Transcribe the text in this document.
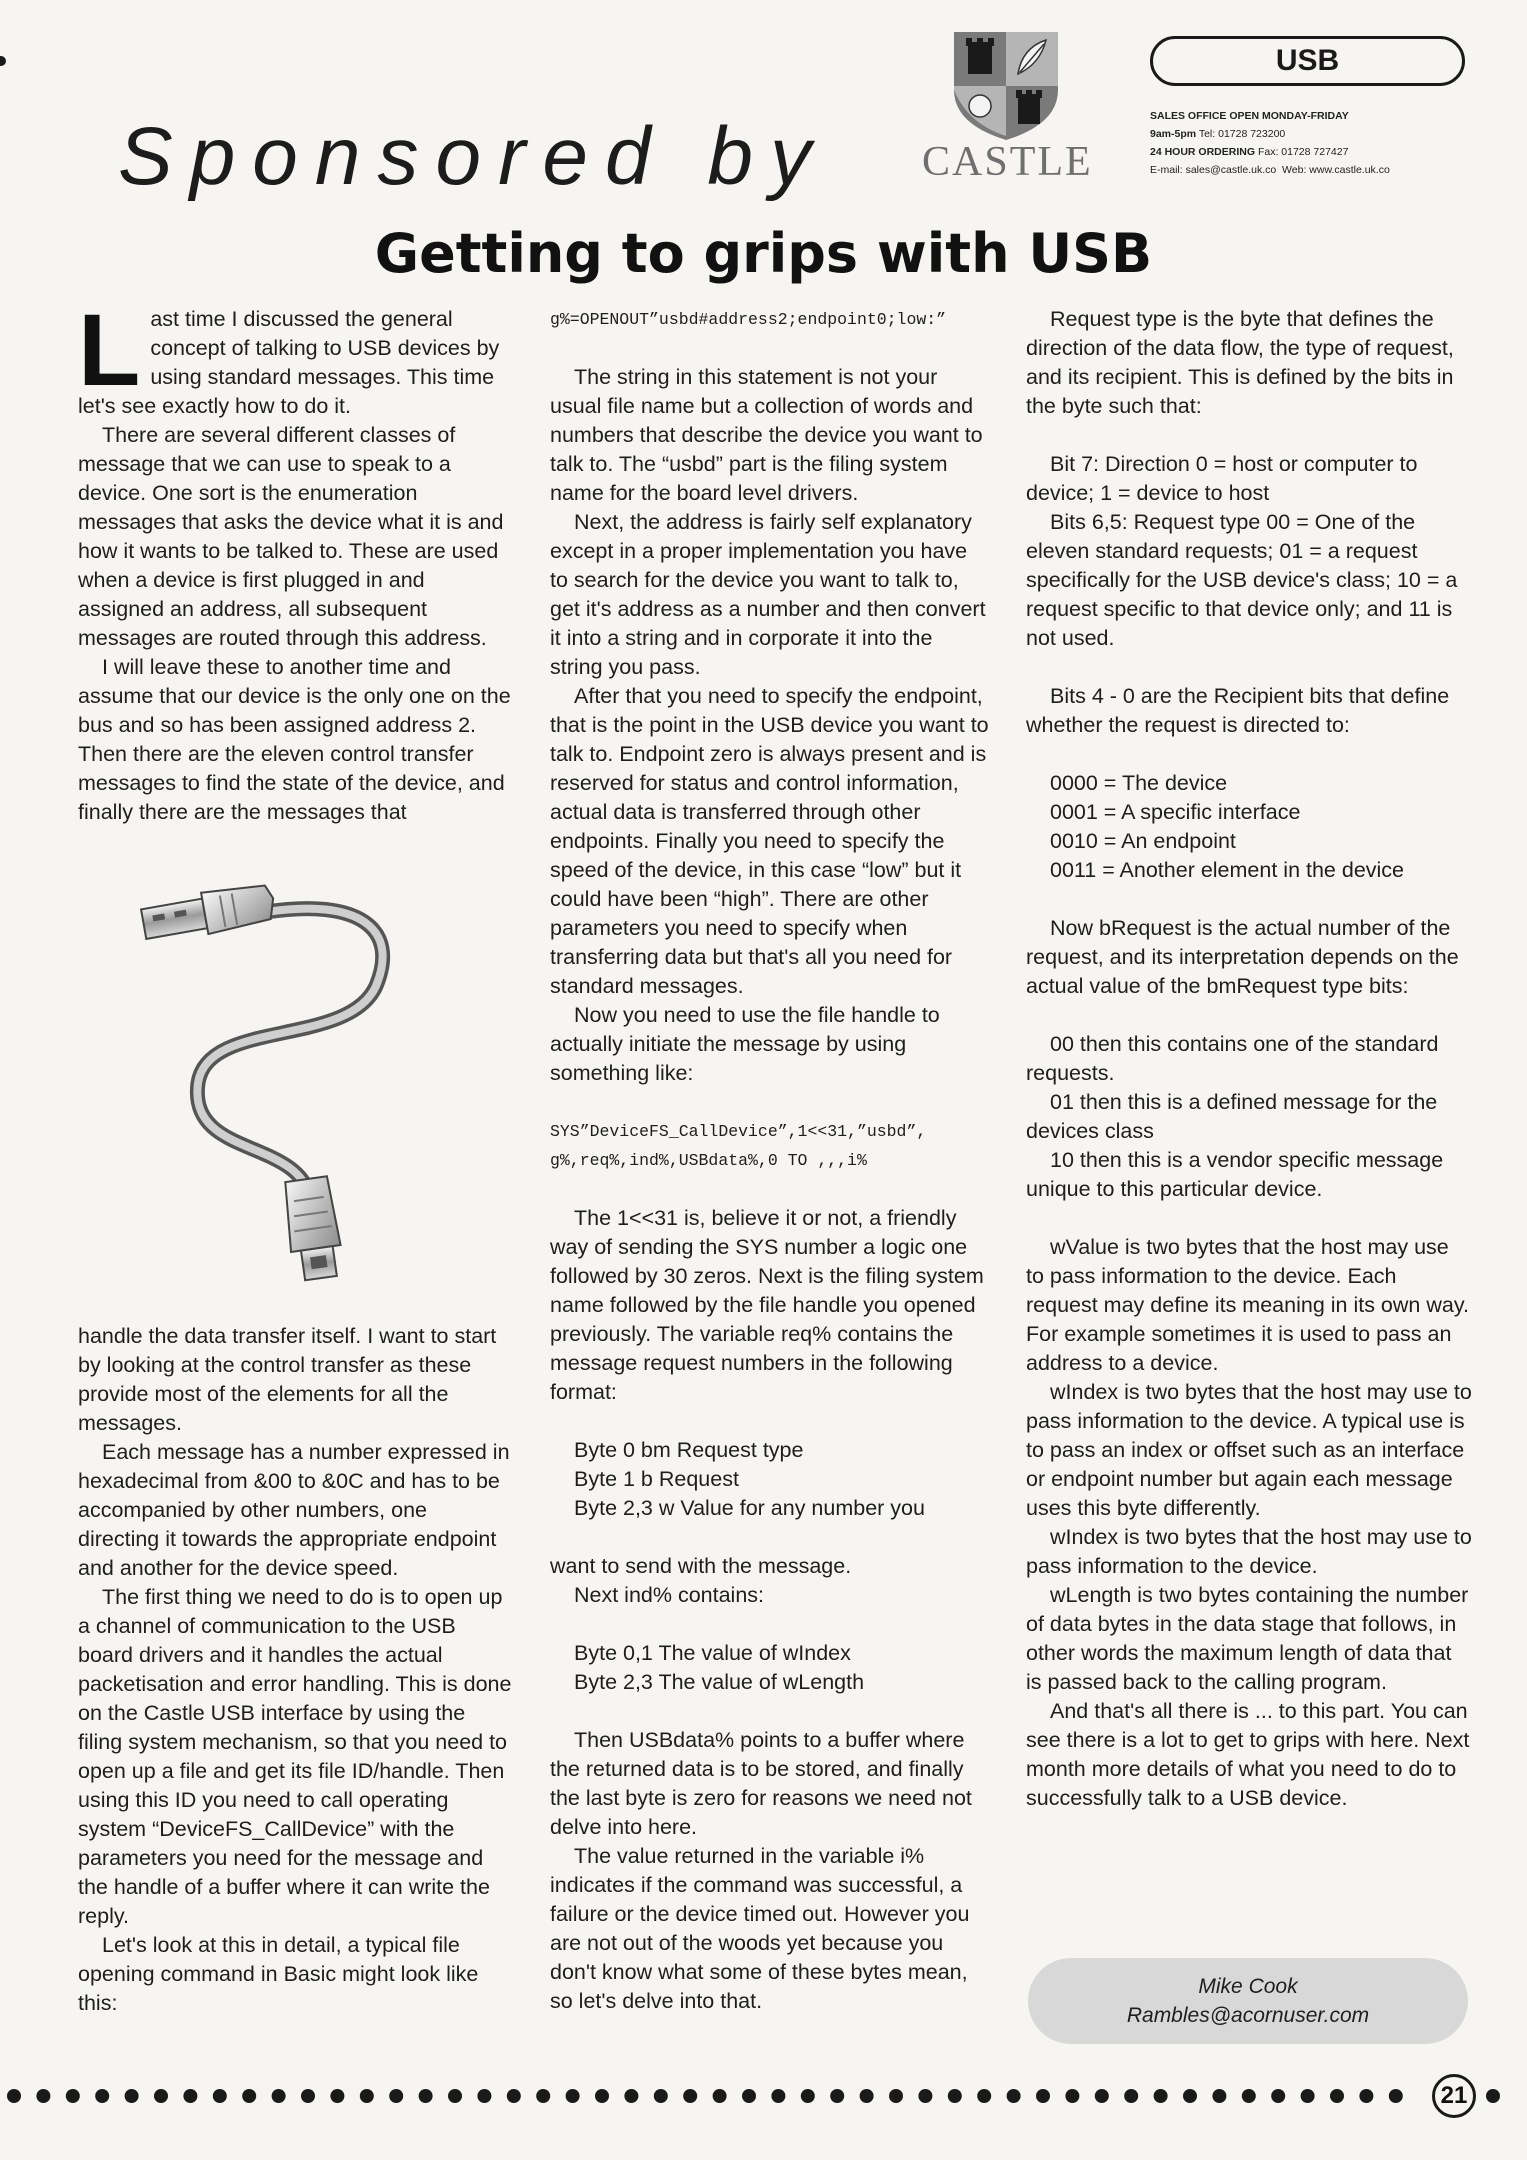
Sponsored by CASTLE
USB
SALES OFFICE OPEN MONDAY-FRIDAY
9am-5pm Tel: 01728 723200
24 HOUR ORDERING Fax: 01728 727427
E-mail: sales@castle.uk.co Web: www.castle.uk.co
Getting to grips with USB

Last time I discussed the general concept of talking to USB devices by using standard messages. This time let's see exactly how to do it.

There are several different classes of message that we can use to speak to a device. One sort is the enumeration messages that asks the device what it is and how it wants to be talked to. These are used when a device is first plugged in and assigned an address, all subsequent messages are routed through this address.

I will leave these to another time and assume that our device is the only one on the bus and so has been assigned address 2. Then there are the eleven control transfer messages to find the state of the device, and finally there are the messages that

handle the data transfer itself. I want to start by looking at the control transfer as these provide most of the elements for all the messages.

Each message has a number expressed in hexadecimal from &00 to &0C and has to be accompanied by other numbers, one directing it towards the appropriate endpoint and another for the device speed.

The first thing we need to do is to open up a channel of communication to the USB board drivers and it handles the actual packetisation and error handling. This is done on the Castle USB interface by using the filing system mechanism, so that you need to open up a file and get its file ID/handle. Then using this ID you need to call operating system “DeviceFS_CallDevice” with the parameters you need for the message and the handle of a buffer where it can write the reply.

Let's look at this in detail, a typical file opening command in Basic might look like this:

g%=OPENOUT”usbd#address2;endpoint0;low:”

The string in this statement is not your usual file name but a collection of words and numbers that describe the device you want to talk to. The “usbd” part is the filing system name for the board level drivers.

Next, the address is fairly self explanatory except in a proper implementation you have to search for the device you want to talk to, get it's address as a number and then convert it into a string and in corporate it into the string you pass.

After that you need to specify the endpoint, that is the point in the USB device you want to talk to. Endpoint zero is always present and is reserved for status and control information, actual data is transferred through other endpoints. Finally you need to specify the speed of the device, in this case “low” but it could have been “high”. There are other parameters you need to specify when transferring data but that's all you need for standard messages.

Now you need to use the file handle to actually initiate the message by using something like:

SYS”DeviceFS_CallDevice”,1<<31,”usbd”,

g%,req%,ind%,USBdata%,0 TO ,,,i%

The 1<<31 is, believe it or not, a friendly way of sending the SYS number a logic one followed by 30 zeros. Next is the filing system name followed by the file handle you opened previously. The variable req% contains the message request numbers in the following format:

Byte 0 bm Request type

Byte 1 b Request

Byte 2,3 w Value for any number you

want to send with the message.

Next ind% contains:

Byte 0,1 The value of wIndex

Byte 2,3 The value of wLength

Then USBdata% points to a buffer where the returned data is to be stored, and finally the last byte is zero for reasons we need not delve into here.

The value returned in the variable i% indicates if the command was successful, a failure or the device timed out. However you are not out of the woods yet because you don't know what some of these bytes mean, so let's delve into that.

Request type is the byte that defines the direction of the data flow, the type of request, and its recipient. This is defined by the bits in the byte such that:

Bit 7: Direction 0 = host or computer to device; 1 = device to host

Bits 6,5: Request type 00 = One of the eleven standard requests; 01 = a request specifically for the USB device's class; 10 = a request specific to that device only; and 11 is not used.

Bits 4 - 0 are the Recipient bits that define whether the request is directed to:

0000 = The device

0001 = A specific interface

0010 = An endpoint

0011 = Another element in the device

Now bRequest is the actual number of the request, and its interpretation depends on the actual value of the bmRequest type bits:

00 then this contains one of the standard requests.

01 then this is a defined message for the devices class

10 then this is a vendor specific message unique to this particular device.

wValue is two bytes that the host may use to pass information to the device. Each request may define its meaning in its own way. For example sometimes it is used to pass an address to a device.

wIndex is two bytes that the host may use to pass information to the device. A typical use is to pass an index or offset such as an interface or endpoint number but again each message uses this byte differently.

wIndex is two bytes that the host may use to pass information to the device.

wLength is two bytes containing the number of data bytes in the data stage that follows, in other words the maximum length of data that is passed back to the calling program.

And that's all there is ... to this part. You can see there is a lot to get to grips with here. Next month more details of what you need to do to successfully talk to a USB device.

Mike Cook
Rambles@acornuser.com
21
